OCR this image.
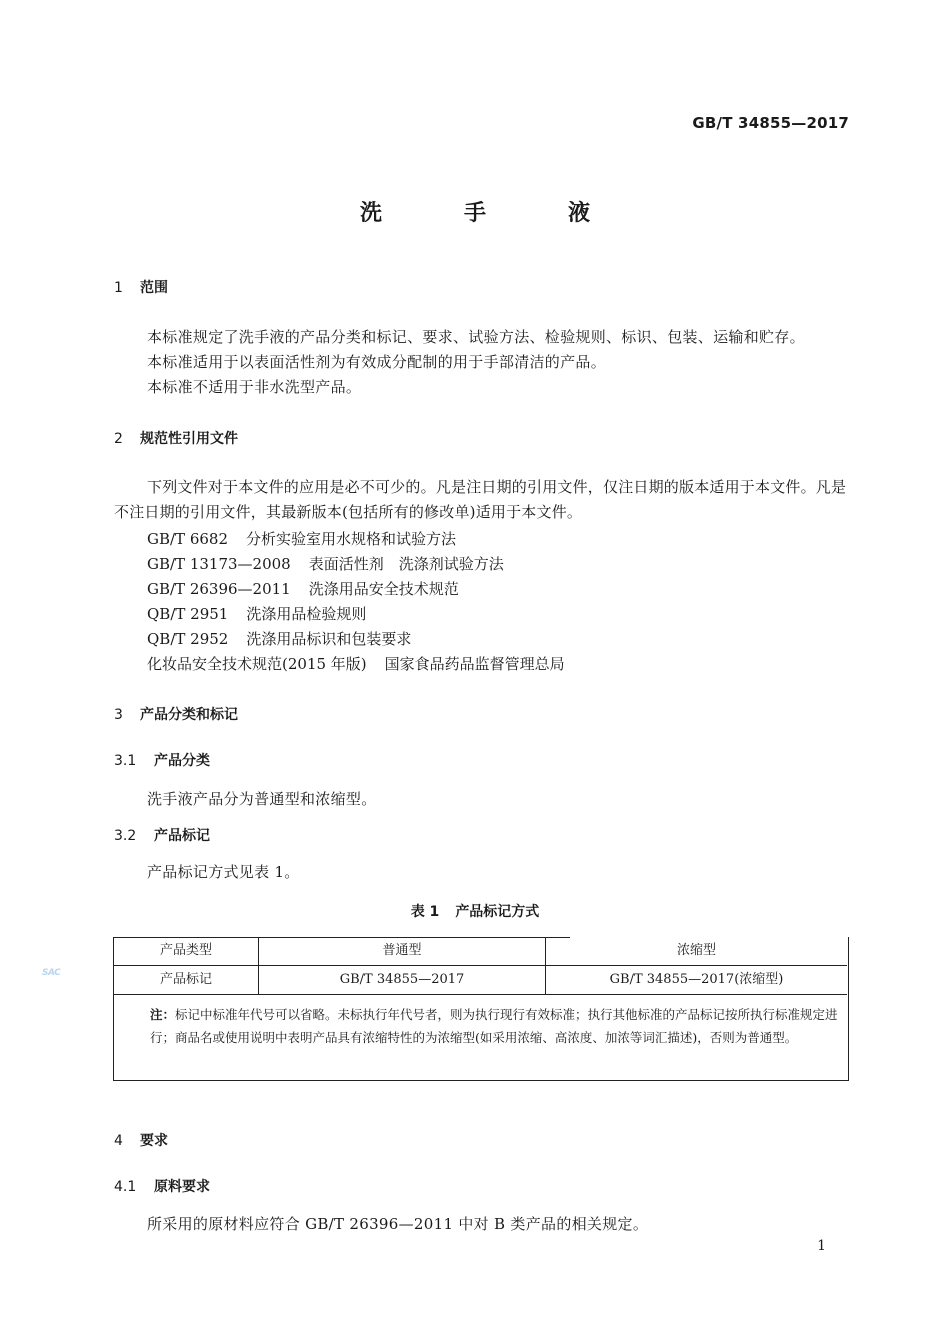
GB/T 34855—2017
洗　手　液
1 范围
本标准规定了洗手液的产品分类和标记、要求、试验方法、检验规则、标识、包装、运输和贮存。
本标准适用于以表面活性剂为有效成分配制的用于手部清洁的产品。
本标准不适用于非水洗型产品。
2 规范性引用文件
下列文件对于本文件的应用是必不可少的。凡是注日期的引用文件，仅注日期的版本适用于本文件。凡是不注日期的引用文件，其最新版本(包括所有的修改单)适用于本文件。
GB/T 6682 分析实验室用水规格和试验方法
GB/T 13173—2008 表面活性剂　洗涤剂试验方法
GB/T 26396—2011 洗涤用品安全技术规范
QB/T 2951 洗涤用品检验规则
QB/T 2952 洗涤用品标识和包装要求
化妆品安全技术规范(2015 年版) 国家食品药品监督管理总局
3 产品分类和标记
3.1 产品分类
洗手液产品分为普通型和浓缩型。
3.2 产品标记
产品标记方式见表 1。
表 1 产品标记方式
产品类型	普通型	浓缩型
产品标记	GB/T 34855—2017	GB/T 34855—2017(浓缩型)
注：标记中标准年代号可以省略。未标执行年代号者，则为执行现行有效标准；执行其他标准的产品标记按所执行标准规定进行；商品名或使用说明中表明产品具有浓缩特性的为浓缩型(如采用浓缩、高浓度、加浓等词汇描述)，否则为普通型。
SAC
4 要求
4.1 原料要求
所采用的原材料应符合 GB/T 26396—2011 中对 B 类产品的相关规定。
1
